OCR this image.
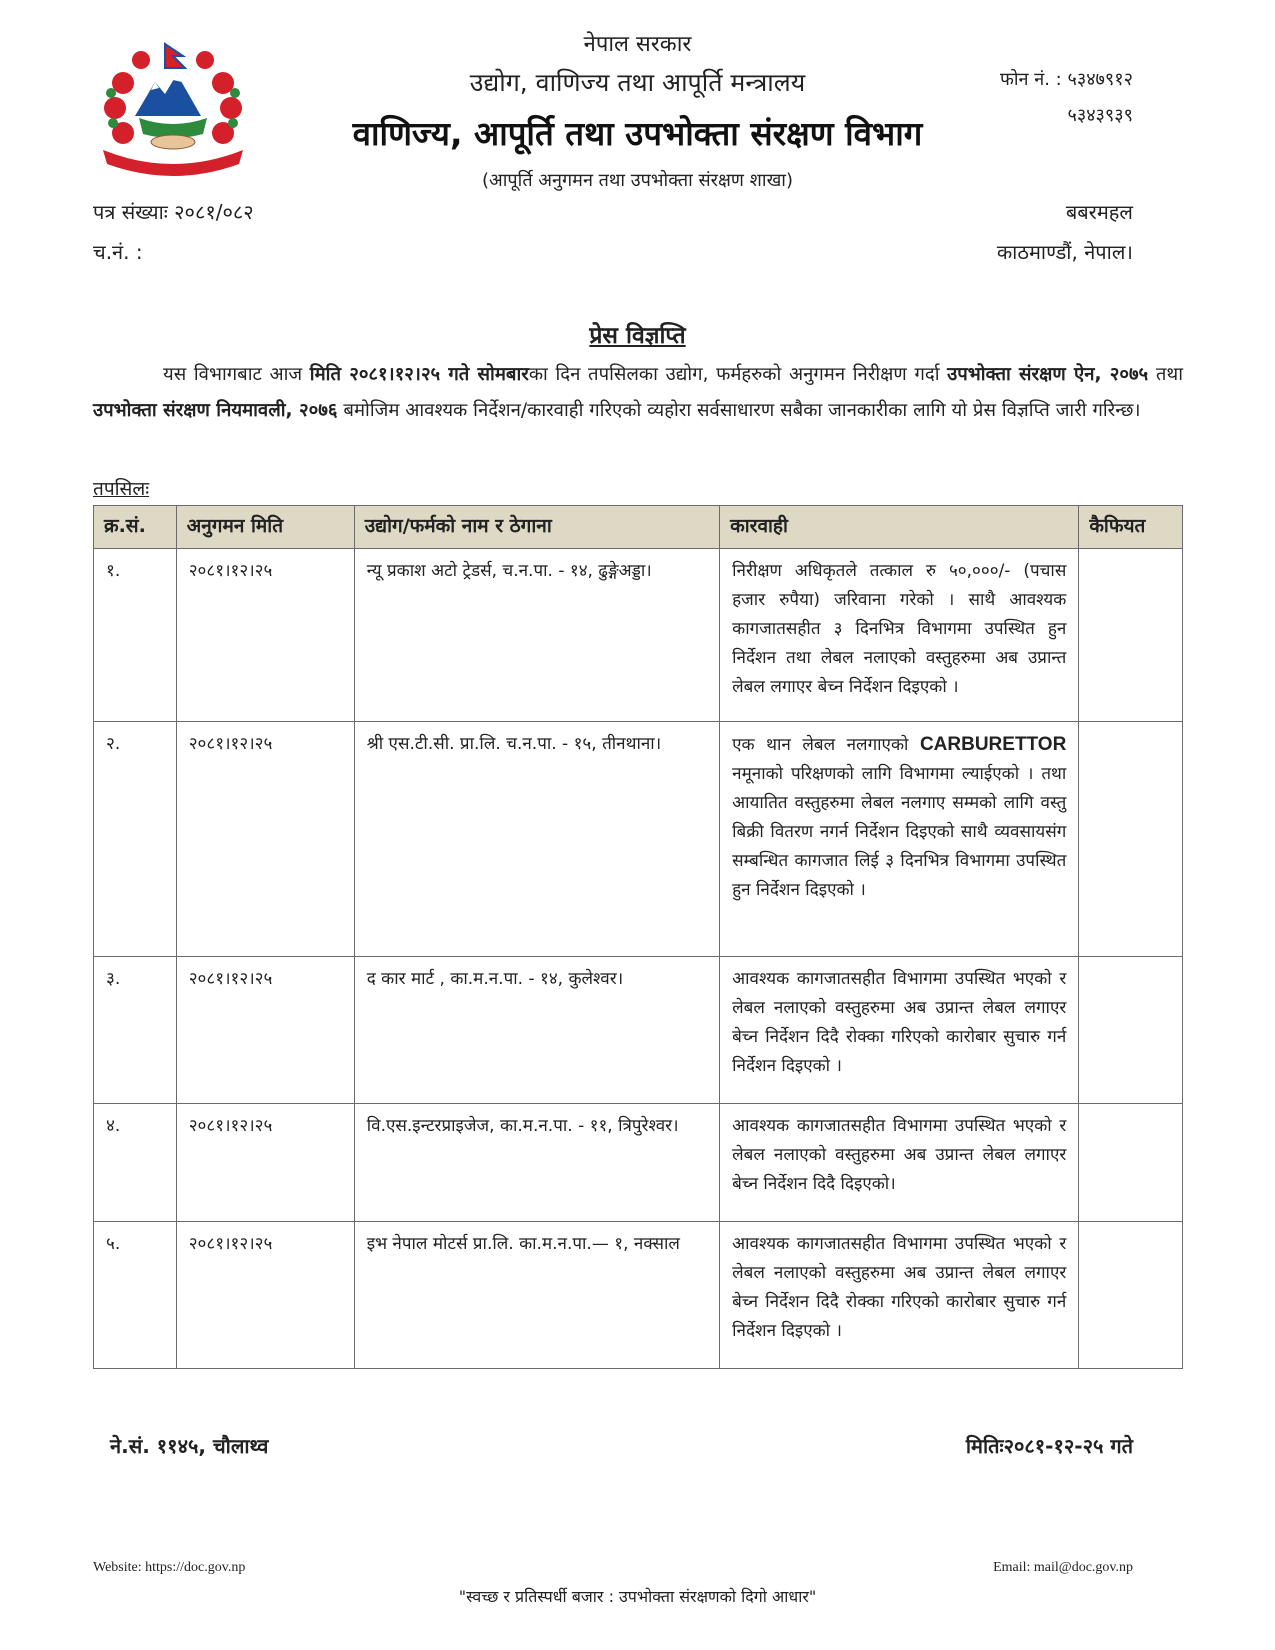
नेपाल सरकार
उद्योग, वाणिज्य तथा आपूर्ति मन्त्रालय
वाणिज्य, आपूर्ति तथा उपभोक्ता संरक्षण विभाग
(आपूर्ति अनुगमन तथा उपभोक्ता संरक्षण शाखा)
फोन नं. : ५३४७९१२
५३४३९३९
पत्र संख्याः २०८१/०८२
च.नं. :
बबरमहल
काठमाण्डौं, नेपाल।
प्रेस विज्ञप्ति
यस विभागबाट आज मिति २०८१।१२।२५ गते सोमबारका दिन तपसिलका उद्योग, फर्महरुको अनुगमन निरीक्षण गर्दा उपभोक्ता संरक्षण ऐन, २०७५ तथा उपभोक्ता संरक्षण नियमावली, २०७६ बमोजिम आवश्यक निर्देशन/कारवाही गरिएको व्यहोरा सर्वसाधारण सबैका जानकारीका लागि यो प्रेस विज्ञप्ति जारी गरिन्छ।
तपसिलः
क्र.सं.	अनुगमन मिति	उद्योग/फर्मको नाम र ठेगाना	कारवाही	कैफियत
१.	२०८१।१२।२५	न्यू प्रकाश अटो ट्रेडर्स, च.न.पा. - १४, ढुङ्गेअड्डा।	निरीक्षण अधिकृतले तत्काल रु ५०,०००/- (पचास हजार रुपैया) जरिवाना गरेको । साथै आवश्यक कागजातसहीत ३ दिनभित्र विभागमा उपस्थित हुन निर्देशन तथा लेबल नलाएको वस्तुहरुमा अब उप्रान्त लेबल लगाएर बेच्न निर्देशन दिइएको ।	
२.	२०८१।१२।२५	श्री एस.टी.सी. प्रा.लि. च.न.पा. - १५, तीनथाना।	एक थान लेबल नलगाएको CARBURETTOR नमूनाको परिक्षणको लागि विभागमा ल्याईएको । तथा आयातित वस्तुहरुमा लेबल नलगाए सम्मको लागि वस्तु बिक्री वितरण नगर्न निर्देशन दिइएको साथै व्यवसायसंग सम्बन्धित कागजात लिई ३ दिनभित्र विभागमा उपस्थित हुन निर्देशन दिइएको ।	
३.	२०८१।१२।२५	द कार मार्ट , का.म.न.पा. - १४, कुलेश्वर।	आवश्यक कागजातसहीत विभागमा उपस्थित भएको र लेबल नलाएको वस्तुहरुमा अब उप्रान्त लेबल लगाएर बेच्न निर्देशन दिदै रोक्का गरिएको कारोबार सुचारु गर्न निर्देशन दिइएको ।	
४.	२०८१।१२।२५	वि.एस.इन्टरप्राइजेज, का.म.न.पा. - ११, त्रिपुरेश्वर।	आवश्यक कागजातसहीत विभागमा उपस्थित भएको र लेबल नलाएको वस्तुहरुमा अब उप्रान्त लेबल लगाएर बेच्न निर्देशन दिदै दिइएको।	
५.	२०८१।१२।२५	इभ नेपाल मोटर्स प्रा.लि. का.म.न.पा.— १, नक्साल	आवश्यक कागजातसहीत विभागमा उपस्थित भएको र लेबल नलाएको वस्तुहरुमा अब उप्रान्त लेबल लगाएर बेच्न निर्देशन दिदै रोक्का गरिएको कारोबार सुचारु गर्न निर्देशन दिइएको ।	
ने.सं. ११४५, चौलाथ्व	मितिः२०८१-१२-२५ गते
Website: https://doc.gov.np	Email: mail@doc.gov.np
"स्वच्छ र प्रतिस्पर्धी बजार : उपभोक्ता संरक्षणको दिगो आधार"
